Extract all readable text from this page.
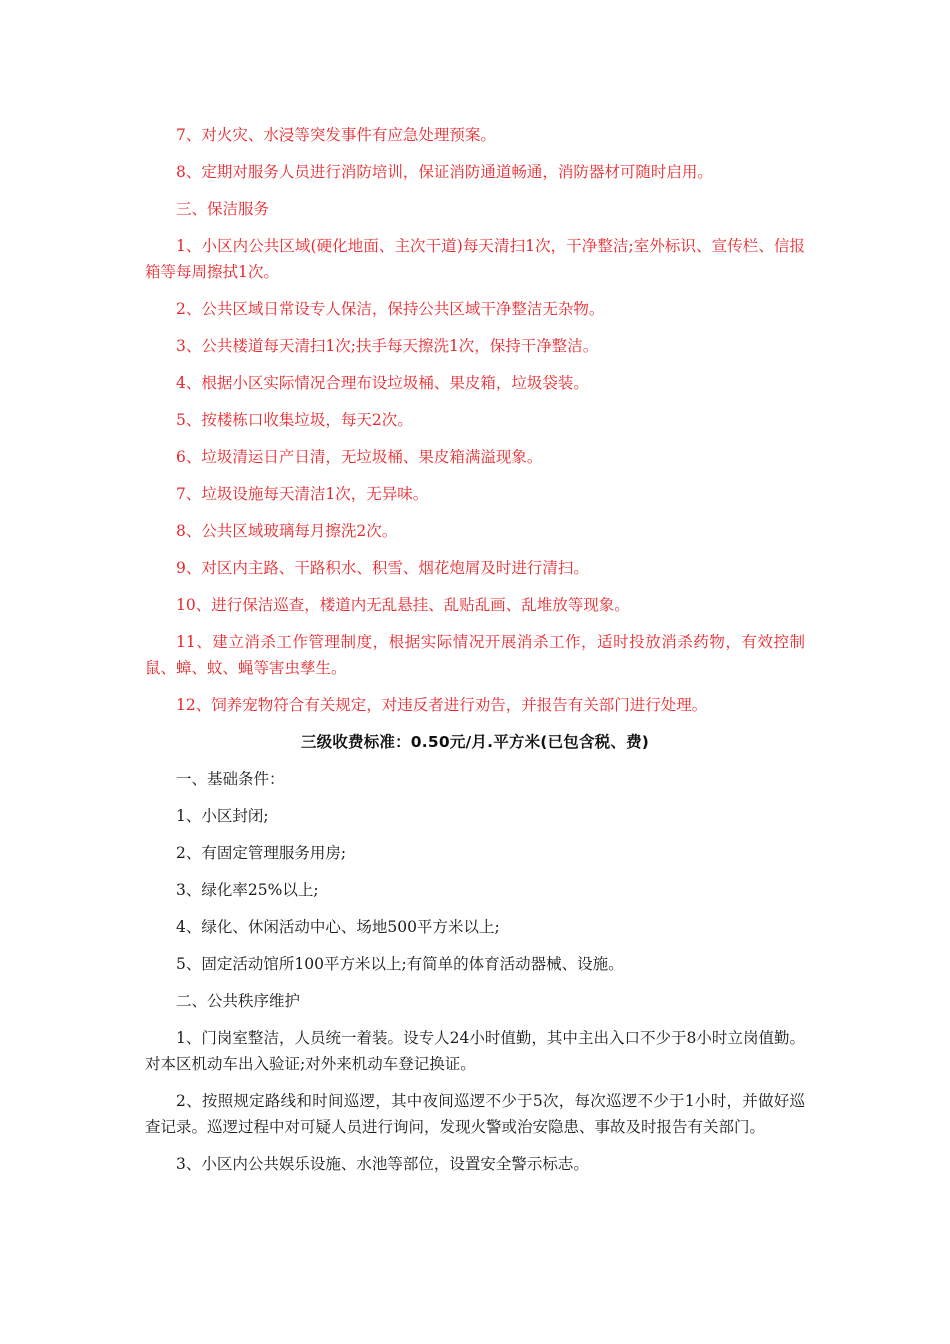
7、对火灾、水浸等突发事件有应急处理预案。

8、定期对服务人员进行消防培训，保证消防通道畅通，消防器材可随时启用。

三、保洁服务

1、小区内公共区域(硬化地面、主次干道)每天清扫1次，干净整洁;室外标识、宣传栏、信报箱等每周擦拭1次。

2、公共区域日常设专人保洁，保持公共区域干净整洁无杂物。

3、公共楼道每天清扫1次;扶手每天擦洗1次，保持干净整洁。

4、根据小区实际情况合理布设垃圾桶、果皮箱，垃圾袋装。

5、按楼栋口收集垃圾，每天2次。

6、垃圾清运日产日清，无垃圾桶、果皮箱满溢现象。

7、垃圾设施每天清洁1次，无异味。

8、公共区域玻璃每月擦洗2次。

9、对区内主路、干路积水、积雪、烟花炮屑及时进行清扫。

10、进行保洁巡查，楼道内无乱悬挂、乱贴乱画、乱堆放等现象。

11、建立消杀工作管理制度，根据实际情况开展消杀工作，适时投放消杀药物，有效控制鼠、蟑、蚊、蝇等害虫孳生。

12、饲养宠物符合有关规定，对违反者进行劝告，并报告有关部门进行处理。

三级收费标准：0.50元/月.平方米(已包含税、费)

一、基础条件：

1、小区封闭;

2、有固定管理服务用房;

3、绿化率25%以上;

4、绿化、休闲活动中心、场地500平方米以上;

5、固定活动馆所100平方米以上;有简单的体育活动器械、设施。

二、公共秩序维护

1、门岗室整洁，人员统一着装。设专人24小时值勤，其中主出入口不少于8小时立岗值勤。对本区机动车出入验证;对外来机动车登记换证。

2、按照规定路线和时间巡逻，其中夜间巡逻不少于5次，每次巡逻不少于1小时，并做好巡查记录。巡逻过程中对可疑人员进行询问，发现火警或治安隐患、事故及时报告有关部门。

3、小区内公共娱乐设施、水池等部位，设置安全警示标志。
